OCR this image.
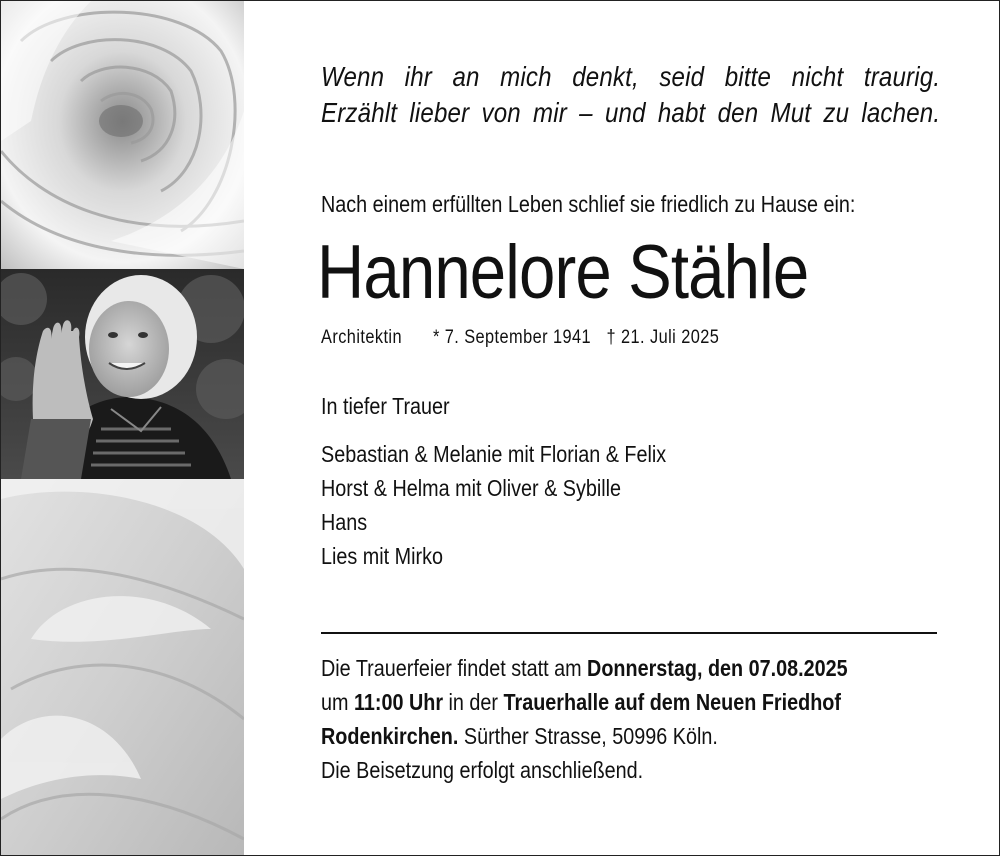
Wenn ihr an mich denkt, seid bitte nicht traurig.
Erzählt lieber von mir – und habt den Mut zu lachen.
Nach einem erfüllten Leben schlief sie friedlich zu Hause ein:
Hannelore Stähle
Architektin * 7. September 1941 † 21. Juli 2025
In tiefer Trauer
Sebastian & Melanie mit Florian & Felix
Horst & Helma mit Oliver & Sybille
Hans
Lies mit Mirko
Die Trauerfeier findet statt am Donnerstag, den 07.08.2025
um 11:00 Uhr in der Trauerhalle auf dem Neuen Friedhof
Rodenkirchen. Sürther Strasse, 50996 Köln.
Die Beisetzung erfolgt anschließend.
